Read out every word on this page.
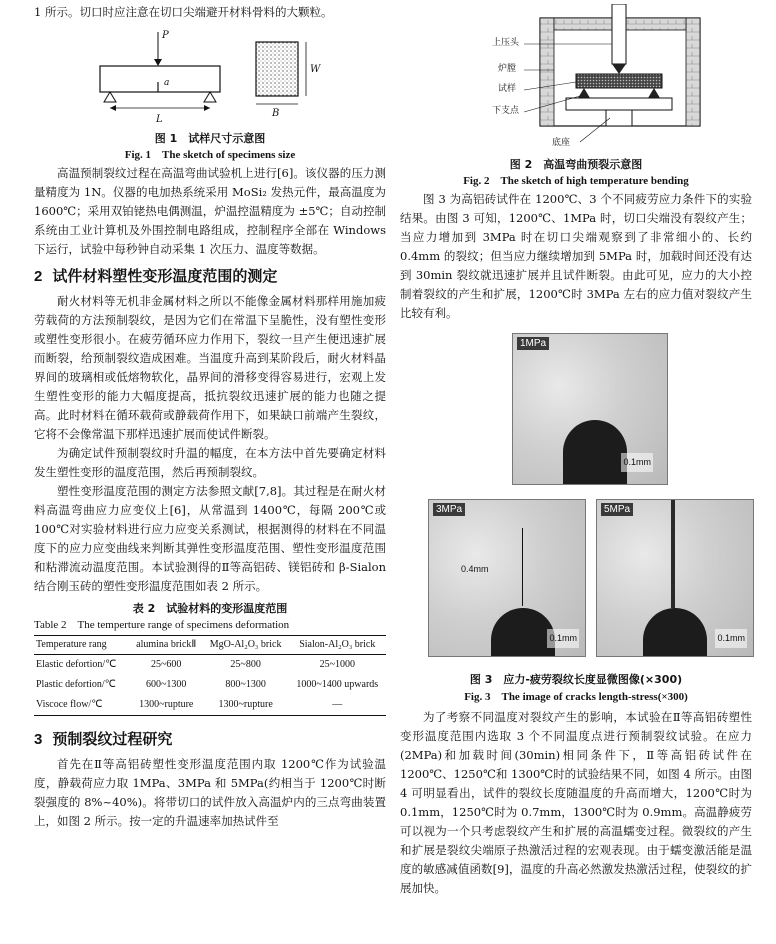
1 所示。切口时应注意在切口尖端避开材料骨料的大颗粒。

P
a
L
W
B
图 1　试样尺寸示意图
Fig. 1　The sketch of specimens size

高温预制裂纹过程在高温弯曲试验机上进行[6]。该仪器的压力测量精度为 1N。仪器的电加热系统采用 MoSi₂ 发热元件，最高温度为 1600℃；采用双铂铑热电偶测温，炉温控温精度为 ±5℃；自动控制系统由工业计算机及外围控制电路组成，控制程序全部在 Windows 下运行，试验中每秒钟自动采集 1 次压力、温度等数据。

2 试件材料塑性变形温度范围的测定

耐火材料等无机非金属材料之所以不能像金属材料那样用施加疲劳载荷的方法预制裂纹，是因为它们在常温下呈脆性，没有塑性变形或塑性变形很小。在疲劳循环应力作用下，裂纹一旦产生便迅速扩展而断裂，给预制裂纹造成困难。当温度升高到某阶段后，耐火材料晶界间的玻璃相或低熔物软化，晶界间的滑移变得容易进行，宏观上发生塑性变形的能力大幅度提高，抵抗裂纹迅速扩展的能力也随之提高。此时材料在循环载荷或静载荷作用下，如果缺口前端产生裂纹，它将不会像常温下那样迅速扩展而使试件断裂。

为确定试件预制裂纹时升温的幅度，在本方法中首先要确定材料发生塑性变形的温度范围，然后再预制裂纹。

塑性变形温度范围的测定方法参照文献[7,8]。其过程是在耐火材料高温弯曲应力应变仪上[6]，从常温到 1400℃，每隔 200℃或 100℃对实验材料进行应力应变关系测试，根据测得的材料在不同温度下的应力应变曲线来判断其弹性变形温度范围、塑性变形温度范围和粘滞流动温度范围。本试验测得的Ⅱ等高铝砖、镁铝砖和 β-Sialon 结合刚玉砖的塑性变形温度范围如表 2 所示。

表 2　试验材料的变形温度范围
Table 2　The temperture range of specimens deformation
Temperature rang	alumina brickⅡ	MgO-Al₂O₃ brick	Sialon-Al₂O₃ brick
Elastic defortion/℃	25~600	25~800	25~1000
Plastic defortion/℃	600~1300	800~1300	1000~1400 upwards
Viscoce flow/℃	1300~rupture	1300~rupture	—
3 预制裂纹过程研究

首先在Ⅱ等高铝砖塑性变形温度范围内取 1200℃作为试验温度，静载荷应力取 1MPa、3MPa 和 5MPa(约相当于 1200℃时断裂强度的 8%~40%)。将带切口的试件放入高温炉内的三点弯曲装置上，如图 2 所示。按一定的升温速率加热试件至

上压头
炉膛
试样
下支点
底座
图 2　高温弯曲预裂示意图
Fig. 2　The sketch of high temperature bending

图 3 为高铝砖试件在 1200℃、3 个不同疲劳应力条件下的实验结果。由图 3 可知，1200℃、1MPa 时，切口尖端没有裂纹产生；当应力增加到 3MPa 时在切口尖端观察到了非常细小的、长约 0.4mm 的裂纹；但当应力继续增加到 5MPa 时，加载时间还没有达到 30min 裂纹就迅速扩展并且试件断裂。由此可见，应力的大小控制着裂纹的产生和扩展，1200℃时 3MPa 左右的应力值对裂纹产生比较有利。

1MPa
0.1mm
3MPa
0.4mm
0.1mm
5MPa
0.1mm
图 3　应力-疲劳裂纹长度显微图像(×300)
Fig. 3　The image of cracks length-stress(×300)

为了考察不同温度对裂纹产生的影响，本试验在Ⅱ等高铝砖塑性变形温度范围内选取 3 个不同温度点进行预制裂纹试验。在应力(2MPa)和加载时间(30min)相同条件下，Ⅱ等高铝砖试件在 1200℃、1250℃和 1300℃时的试验结果不同，如图 4 所示。由图 4 可明显看出，试件的裂纹长度随温度的升高而增大，1200℃时为 0.1mm，1250℃时为 0.7mm，1300℃时为 0.9mm。高温静疲劳可以视为一个只考虑裂纹产生和扩展的高温蠕变过程。微裂纹的产生和扩展是裂纹尖端原子热激活过程的宏观表现。由于蠕变激活能是温度的敏感减值函数[9]，温度的升高必然激发热激活过程，使裂纹的扩展加快。
